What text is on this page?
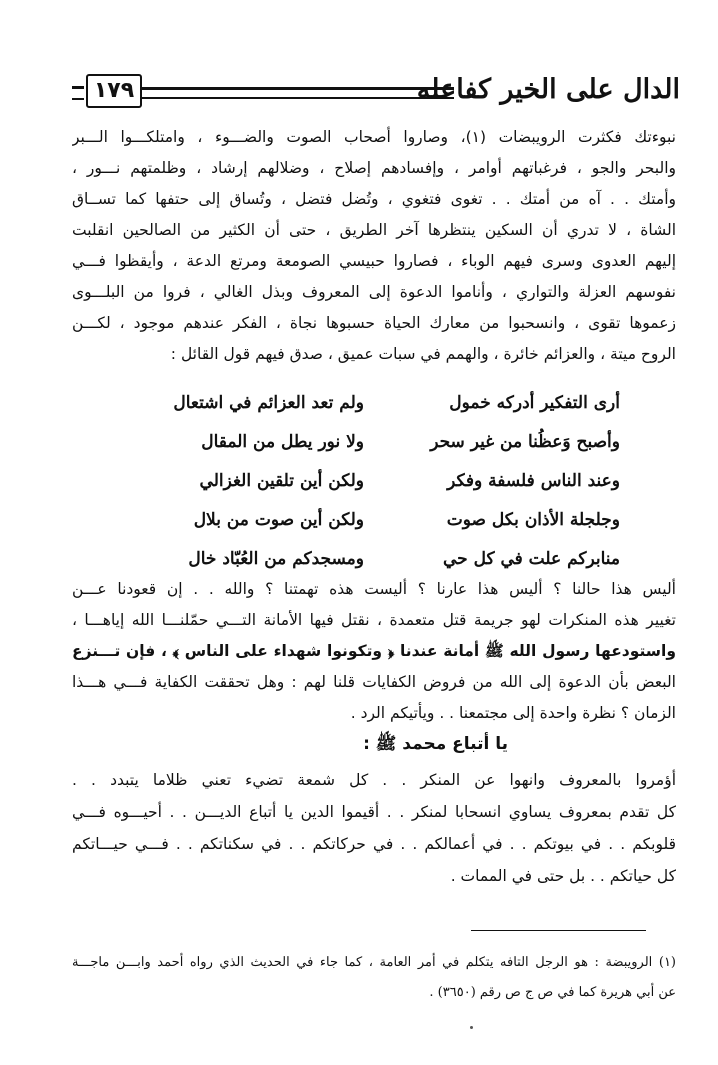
الدال على الخير كفاعله
١٧٩
نبوءتك فكثرت الرويبضات (١)، وصاروا أصحاب الصوت والضـــوء ، وامتلكـــوا الـــبر
والبحر والجو ، فرغباتهم أوامر ، وإفسادهم إصلاح ، وضلالهم إرشاد ، وظلمتهم نـــور ،
وأمتك . . آه من أمتك . . تغوى فتغوي ، وتُضل فتضل ، وتُساق إلى حتفها كما تســاق
الشاة ، لا تدري أن السكين ينتظرها آخر الطريق ، حتى أن الكثير من الصالحين انقلبت
إليهم العدوى وسرى فيهم الوباء ، فصاروا حبيسي الصومعة ومرتع الدعة ، وأيقظوا فـــي
نفوسهم العزلة والتواري ، وأناموا الدعوة إلى المعروف وبذل الغالي ، فروا من البلـــوى
زعموها تقوى ، وانسحبوا من معارك الحياة حسبوها نجاة ، الفكر عندهم موجود ، لكـــن
الروح ميتة ، والعزائم خائرة ، والهمم في سبات عميق ، صدق فيهم قول القائل :
أرى التفكير أدركه خمول
ولم تعد العزائم في اشتعال
وأصبح وَعظُنا من غير سحر
ولا نور يطل من المقال
وعند الناس فلسفة وفكر
ولكن أين تلقين الغزالي
وجلجلة الأذان بكل صوت
ولكن أين صوت من بلال
منابركم علت في كل حي
ومسجدكم من العُبّاد خال
أليس هذا حالنا ؟ أليس هذا عارنا ؟ أليست هذه تهمتنا ؟ والله . . إن قعودنا عـــن
تغيير هذه المنكرات لهو جريمة قتل متعمدة ، نقتل فيها الأمانة التـــي حمّلنـــا الله إياهـــا ،
واستودعها رسول الله ﷺ أمانة عندنا ﴿ وتكونوا شهداء على الناس ﴾ ، فإن تـــنزع
البعض بأن الدعوة إلى الله من فروض الكفايات قلنا لهم : وهل تحققت الكفاية فـــي هـــذا
الزمان ؟ نظرة واحدة إلى مجتمعنا . . ويأتيكم الرد .
يا أتباع محمد ﷺ :
أؤمروا بالمعروف وانهوا عن المنكر . . كل شمعة تضيء تعني ظلاما يتبدد . .
كل تقدم بمعروف يساوي انسحابا لمنكر . . أقيموا الدين يا أتباع الديـــن . . أحيـــوه فـــي
قلوبكم . . في بيوتكم . . في أعمالكم . . في حركاتكم . . في سكناتكم . . فـــي حيـــاتكم
كل حياتكم . . بل حتى في الممات .
(١) الرويبضة : هو الرجل التافه يتكلم في أمر العامة ، كما جاء في الحديث الذي رواه أحمد وابـــن ماجـــة
عن أبي هريرة كما في ص ج ص رقم (٣٦٥٠) .
